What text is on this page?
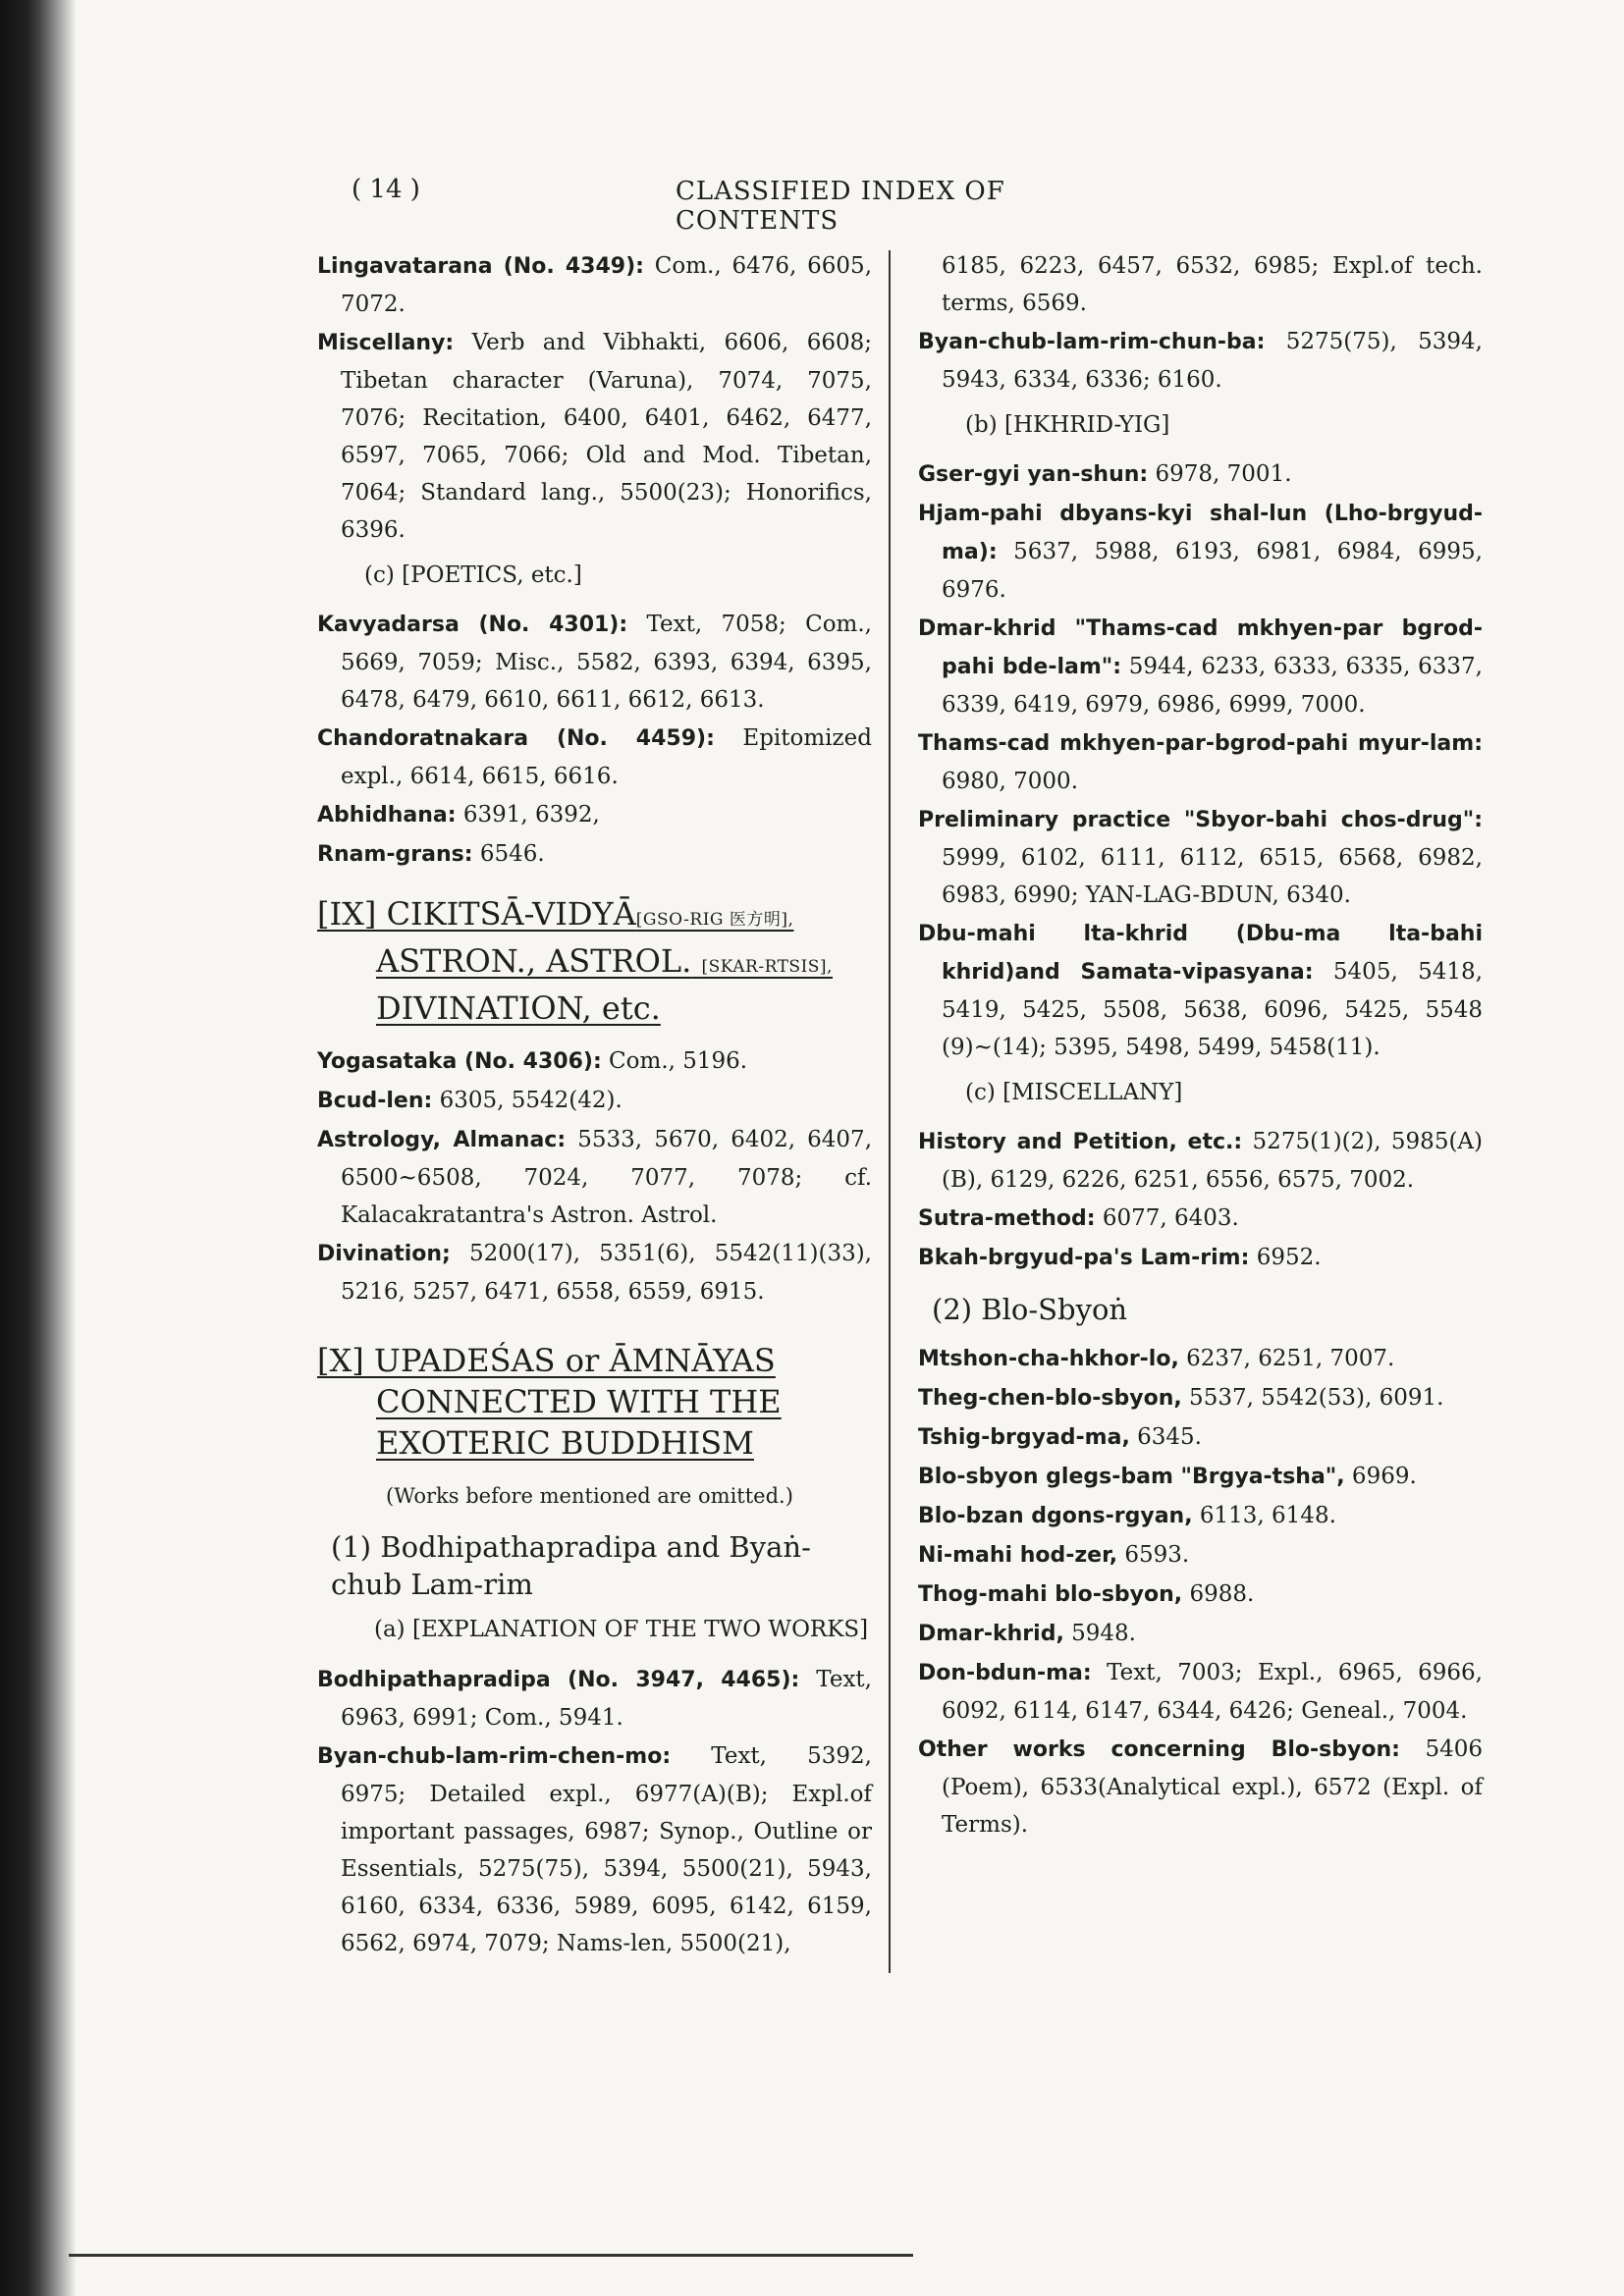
( 14 )	CLASSIFIED INDEX OF CONTENTS
Lingavatarana (No. 4349): Com., 6476, 6605, 7072.
Miscellany: Verb and Vibhakti, 6606, 6608; Tibetan character (Varuna), 7074, 7075, 7076; Recitation, 6400, 6401, 6462, 6477, 6597, 7065, 7066; Old and Mod. Tibetan, 7064; Standard lang., 5500(23); Honorifics, 6396.
(c) [POETICS, etc.]
Kavyadarsa (No. 4301): Text, 7058; Com., 5669, 7059; Misc., 5582, 6393, 6394, 6395, 6478, 6479, 6610, 6611, 6612, 6613.
Chandoratnakara (No. 4459): Epitomized expl., 6614, 6615, 6616.
Abhidhana: 6391, 6392,
Rnam-grans: 6546.
[IX] CIKITSĀ-VIDYĀ[GSO-RIG 医方明],
ASTRON., ASTROL. [SKAR-RTSIS],
DIVINATION, etc.
Yogasataka (No. 4306): Com., 5196.
Bcud-len: 6305, 5542(42).
Astrology, Almanac: 5533, 5670, 6402, 6407, 6500~6508, 7024, 7077, 7078; cf. Kalacakratantra's Astron. Astrol.
Divination; 5200(17), 5351(6), 5542(11)(33), 5216, 5257, 6471, 6558, 6559, 6915.
[X] UPADEŚAS or ĀMNĀYAS
CONNECTED WITH THE
EXOTERIC BUDDHISM
(Works before mentioned are omitted.)
(1) Bodhipathapradipa and Byaṅ-chub Lam-rim
(a) [EXPLANATION OF THE TWO WORKS]
Bodhipathapradipa (No. 3947, 4465): Text, 6963, 6991; Com., 5941.
Byan-chub-lam-rim-chen-mo: Text, 5392, 6975; Detailed expl., 6977(A)(B); Expl.of important passages, 6987; Synop., Outline or Essentials, 5275(75), 5394, 5500(21), 5943, 6160, 6334, 6336, 5989, 6095, 6142, 6159, 6562, 6974, 7079; Nams-len, 5500(21),
6185, 6223, 6457, 6532, 6985; Expl.of tech. terms, 6569.
Byan-chub-lam-rim-chun-ba: 5275(75), 5394, 5943, 6334, 6336; 6160.
(b) [HKHRID-YIG]
Gser-gyi yan-shun: 6978, 7001.
Hjam-pahi dbyans-kyi shal-lun (Lho-brgyud-ma): 5637, 5988, 6193, 6981, 6984, 6995, 6976.
Dmar-khrid "Thams-cad mkhyen-par bgrod-pahi bde-lam": 5944, 6233, 6333, 6335, 6337, 6339, 6419, 6979, 6986, 6999, 7000.
Thams-cad mkhyen-par-bgrod-pahi myur-lam: 6980, 7000.
Preliminary practice "Sbyor-bahi chos-drug": 5999, 6102, 6111, 6112, 6515, 6568, 6982, 6983, 6990; YAN-LAG-BDUN, 6340.
Dbu-mahi lta-khrid (Dbu-ma lta-bahi khrid)and Samata-vipasyana: 5405, 5418, 5419, 5425, 5508, 5638, 6096, 5425, 5548 (9)~(14); 5395, 5498, 5499, 5458(11).
(c) [MISCELLANY]
History and Petition, etc.: 5275(1)(2), 5985(A)(B), 6129, 6226, 6251, 6556, 6575, 7002.
Sutra-method: 6077, 6403.
Bkah-brgyud-pa's Lam-rim: 6952.
(2) Blo-Sbyoṅ
Mtshon-cha-hkhor-lo, 6237, 6251, 7007.
Theg-chen-blo-sbyon, 5537, 5542(53), 6091.
Tshig-brgyad-ma, 6345.
Blo-sbyon glegs-bam "Brgya-tsha", 6969.
Blo-bzan dgons-rgyan, 6113, 6148.
Ni-mahi hod-zer, 6593.
Thog-mahi blo-sbyon, 6988.
Dmar-khrid, 5948.
Don-bdun-ma: Text, 7003; Expl., 6965, 6966, 6092, 6114, 6147, 6344, 6426; Geneal., 7004.
Other works concerning Blo-sbyon: 5406 (Poem), 6533(Analytical expl.), 6572 (Expl. of Terms).
